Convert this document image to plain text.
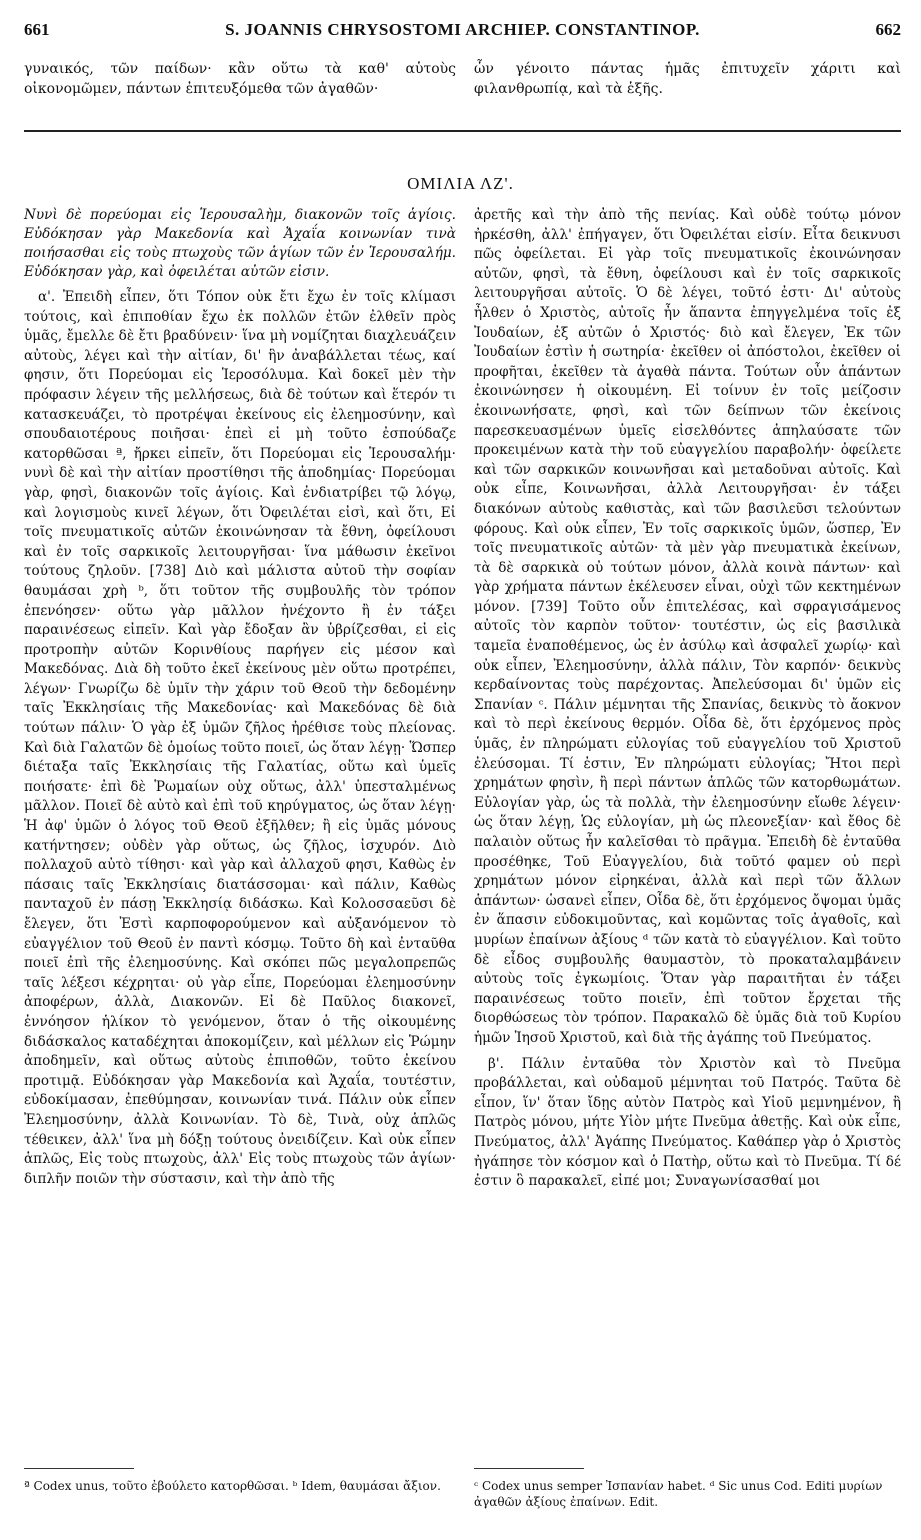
661	S. JOANNIS CHRYSOSTOMI ARCHIEP. CONSTANTINOP.	662
γυναικός, τῶν παίδων· κἂν οὕτω τὰ καθ' αὑτοὺς οἰκονομῶμεν, πάντων ἐπιτευξόμεθα τῶν ἀγαθῶν·
ὧν γένοιτο πάντας ἡμᾶς ἐπιτυχεῖν χάριτι καὶ φιλανθρωπίᾳ, καὶ τὰ ἑξῆς.
ΟΜΙΛΙΑ ΛΖ'.
Νυνὶ δὲ πορεύομαι εἰς Ἱερουσαλὴμ, διακονῶν τοῖς ἁγίοις. Εὐδόκησαν γὰρ Μακεδονία καὶ Ἀχαΐα κοινωνίαν τινὰ ποιήσασθαι εἰς τοὺς πτωχοὺς τῶν ἁγίων τῶν ἐν Ἱερουσαλήμ. Εὐδόκησαν γὰρ, καὶ ὀφειλέται αὐτῶν εἰσιν.
α'. Ἐπειδὴ εἶπεν, ὅτι Τόπον οὐκ ἔτι ἔχω ἐν τοῖς κλίμασι τούτοις, καὶ ἐπιποθίαν ἔχω ἐκ πολλῶν ἐτῶν ἐλθεῖν πρὸς ὑμᾶς, ἔμελλε δὲ ἔτι βραδύνειν· ἵνα μὴ νομίζηται διαχλευάζειν αὐτοὺς, λέγει καὶ τὴν αἰτίαν, δι' ἣν ἀναβάλλεται τέως, καί φησιν, ὅτι Πορεύομαι εἰς Ἱεροσόλυμα. Καὶ δοκεῖ μὲν τὴν πρόφασιν λέγειν τῆς μελλήσεως, διὰ δὲ τούτων καὶ ἕτερόν τι κατασκευάζει, τὸ προτρέψαι ἐκείνους εἰς ἐλεημοσύνην, καὶ σπουδαιοτέρους ποιῆσαι· ἐπεὶ εἰ μὴ τοῦτο ἐσπούδαζε κατορθῶσαι ª, ἤρκει εἰπεῖν, ὅτι Πορεύομαι εἰς Ἱερουσαλήμ· νυνὶ δὲ καὶ τὴν αἰτίαν προστίθησι τῆς ἀποδημίας· Πορεύομαι γὰρ, φησὶ, διακονῶν τοῖς ἁγίοις. Καὶ ἐνδιατρίβει τῷ λόγῳ, καὶ λογισμοὺς κινεῖ λέγων, ὅτι Ὀφειλέται εἰσὶ, καὶ ὅτι, Εἰ τοῖς πνευματικοῖς αὐτῶν ἐκοινώνησαν τὰ ἔθνη, ὀφείλουσι καὶ ἐν τοῖς σαρκικοῖς λειτουργῆσαι· ἵνα μάθωσιν ἐκεῖνοι τούτους ζηλοῦν. [738] Διὸ καὶ μάλιστα αὐτοῦ τὴν σοφίαν θαυμάσαι χρὴ ᵇ, ὅτι τοῦτον τῆς συμβουλῆς τὸν τρόπον ἐπενόησεν· οὕτω γὰρ μᾶλλον ἠνέχοντο ἢ ἐν τάξει παραινέσεως εἰπεῖν. Καὶ γὰρ ἔδοξαν ἂν ὑβρίζεσθαι, εἰ εἰς προτροπὴν αὐτῶν Κορινθίους παρήγεν εἰς μέσον καὶ Μακεδόνας. Διὰ δὴ τοῦτο ἐκεῖ ἐκείνους μὲν οὕτω προτρέπει, λέγων· Γνωρίζω δὲ ὑμῖν τὴν χάριν τοῦ Θεοῦ τὴν δεδομένην ταῖς Ἐκκλησίαις τῆς Μακεδονίας· καὶ Μακεδόνας δὲ διὰ τούτων πάλιν· Ὁ γὰρ ἐξ ὑμῶν ζῆλος ἠρέθισε τοὺς πλείονας. Καὶ διὰ Γαλατῶν δὲ ὁμοίως τοῦτο ποιεῖ, ὡς ὅταν λέγῃ· Ὥσπερ διέταξα ταῖς Ἐκκλησίαις τῆς Γαλατίας, οὕτω καὶ ὑμεῖς ποιήσατε· ἐπὶ δὲ Ῥωμαίων οὐχ οὕτως, ἀλλ' ὑπεσταλμένως μᾶλλον. Ποιεῖ δὲ αὐτὸ καὶ ἐπὶ τοῦ κηρύγματος, ὡς ὅταν λέγῃ· Ἡ ἀφ' ὑμῶν ὁ λόγος τοῦ Θεοῦ ἐξῆλθεν; ἢ εἰς ὑμᾶς μόνους κατήντησεν; οὐδὲν γὰρ οὕτως, ὡς ζῆλος, ἰσχυρόν. Διὸ πολλαχοῦ αὐτὸ τίθησι· καὶ γὰρ καὶ ἀλλαχοῦ φησι, Καθὼς ἐν πάσαις ταῖς Ἐκκλησίαις διατάσσομαι· καὶ πάλιν, Καθὼς πανταχοῦ ἐν πάσῃ Ἐκκλησίᾳ διδάσκω. Καὶ Κολοσσαεῦσι δὲ ἔλεγεν, ὅτι Ἐστὶ καρποφορούμενον καὶ αὐξανόμενον τὸ εὐαγγέλιον τοῦ Θεοῦ ἐν παντὶ κόσμῳ. Τοῦτο δὴ καὶ ἐνταῦθα ποιεῖ ἐπὶ τῆς ἐλεημοσύνης. Καὶ σκόπει πῶς μεγαλοπρεπῶς ταῖς λέξεσι κέχρηται· οὐ γὰρ εἶπε, Πορεύομαι ἐλεημοσύνην ἀποφέρων, ἀλλὰ, Διακονῶν. Εἰ δὲ Παῦλος διακονεῖ, ἐννόησον ἡλίκον τὸ γενόμενον, ὅταν ὁ τῆς οἰκουμένης διδάσκαλος καταδέχηται ἀποκομίζειν, καὶ μέλλων εἰς Ῥώμην ἀποδημεῖν, καὶ οὕτως αὐτοὺς ἐπιποθῶν, τοῦτο ἐκείνου προτιμᾷ. Εὐδόκησαν γὰρ Μακεδονία καὶ Ἀχαΐα, τουτέστιν, εὐδοκίμασαν, ἐπεθύμησαν, κοινωνίαν τινά. Πάλιν οὐκ εἶπεν Ἐλεημοσύνην, ἀλλὰ Κοινωνίαν. Τὸ δὲ, Τινὰ, οὐχ ἁπλῶς τέθεικεν, ἀλλ' ἵνα μὴ δόξῃ τούτους ὀνειδίζειν. Καὶ οὐκ εἶπεν ἁπλῶς, Εἰς τοὺς πτωχοὺς, ἀλλ' Εἰς τοὺς πτωχοὺς τῶν ἁγίων· διπλῆν ποιῶν τὴν σύστασιν, καὶ τὴν ἀπὸ τῆς
ἀρετῆς καὶ τὴν ἀπὸ τῆς πενίας. Καὶ οὐδὲ τούτῳ μόνον ἠρκέσθη, ἀλλ' ἐπήγαγεν, ὅτι Ὀφειλέται εἰσίν. Εἶτα δεικνυσι πῶς ὀφείλεται. Εἰ γὰρ τοῖς πνευματικοῖς ἐκοινώνησαν αὐτῶν, φησὶ, τὰ ἔθνη, ὀφείλουσι καὶ ἐν τοῖς σαρκικοῖς λειτουργῆσαι αὐτοῖς. Ὁ δὲ λέγει, τοῦτό ἐστι· Δι' αὐτοὺς ἦλθεν ὁ Χριστὸς, αὐτοῖς ἦν ἅπαντα ἐπηγγελμένα τοῖς ἐξ Ἰουδαίων, ἐξ αὐτῶν ὁ Χριστός· διὸ καὶ ἔλεγεν, Ἐκ τῶν Ἰουδαίων ἐστὶν ἡ σωτηρία· ἐκεῖθεν οἱ ἀπόστολοι, ἐκεῖθεν οἱ προφῆται, ἐκεῖθεν τὰ ἀγαθὰ πάντα. Τούτων οὖν ἁπάντων ἐκοινώνησεν ἡ οἰκουμένη. Εἰ τοίνυν ἐν τοῖς μείζοσιν ἐκοινωνήσατε, φησὶ, καὶ τῶν δείπνων τῶν ἐκείνοις παρεσκευασμένων ὑμεῖς εἰσελθόντες ἀπηλαύσατε τῶν προκειμένων κατὰ τὴν τοῦ εὐαγγελίου παραβολήν· ὀφείλετε καὶ τῶν σαρκικῶν κοινωνῆσαι καὶ μεταδοῦναι αὐτοῖς. Καὶ οὐκ εἶπε, Κοινωνῆσαι, ἀλλὰ Λειτουργῆσαι· ἐν τάξει διακόνων αὐτοὺς καθιστὰς, καὶ τῶν βασιλεῦσι τελούντων φόρους. Καὶ οὐκ εἶπεν, Ἐν τοῖς σαρκικοῖς ὑμῶν, ὥσπερ, Ἐν τοῖς πνευματικοῖς αὐτῶν· τὰ μὲν γὰρ πνευματικὰ ἐκείνων, τὰ δὲ σαρκικὰ οὐ τούτων μόνον, ἀλλὰ κοινὰ πάντων· καὶ γὰρ χρήματα πάντων ἐκέλευσεν εἶναι, οὐχὶ τῶν κεκτημένων μόνον. [739] Τοῦτο οὖν ἐπιτελέσας, καὶ σφραγισάμενος αὐτοῖς τὸν καρπὸν τοῦτον· τουτέστιν, ὡς εἰς βασιλικὰ ταμεῖα ἐναποθέμενος, ὡς ἐν ἀσύλῳ καὶ ἀσφαλεῖ χωρίῳ· καὶ οὐκ εἶπεν, Ἐλεημοσύνην, ἀλλὰ πάλιν, Τὸν καρπόν· δεικνὺς κερδαίνοντας τοὺς παρέχοντας. Ἀπελεύσομαι δι' ὑμῶν εἰς Σπανίαν ᶜ. Πάλιν μέμνηται τῆς Σπανίας, δεικνὺς τὸ ἄοκνον καὶ τὸ περὶ ἐκείνους θερμόν. Οἶδα δὲ, ὅτι ἐρχόμενος πρὸς ὑμᾶς, ἐν πληρώματι εὐλογίας τοῦ εὐαγγελίου τοῦ Χριστοῦ ἐλεύσομαι. Τί ἐστιν, Ἐν πληρώματι εὐλογίας; Ἤτοι περὶ χρημάτων φησὶν, ἢ περὶ πάντων ἁπλῶς τῶν κατορθωμάτων. Εὐλογίαν γὰρ, ὡς τὰ πολλὰ, τὴν ἐλεημοσύνην εἴωθε λέγειν· ὡς ὅταν λέγῃ, Ὡς εὐλογίαν, μὴ ὡς πλεονεξίαν· καὶ ἔθος δὲ παλαιὸν οὕτως ἦν καλεῖσθαι τὸ πρᾶγμα. Ἐπειδὴ δὲ ἐνταῦθα προσέθηκε, Τοῦ Εὐαγγελίου, διὰ τοῦτό φαμεν οὐ περὶ χρημάτων μόνον εἰρηκέναι, ἀλλὰ καὶ περὶ τῶν ἄλλων ἁπάντων· ὡσανεὶ εἶπεν, Οἶδα δὲ, ὅτι ἐρχόμενος ὄψομαι ὑμᾶς ἐν ἅπασιν εὐδοκιμοῦντας, καὶ κομῶντας τοῖς ἀγαθοῖς, καὶ μυρίων ἐπαίνων ἀξίους ᵈ τῶν κατὰ τὸ εὐαγγέλιον. Καὶ τοῦτο δὲ εἶδος συμβουλῆς θαυμαστὸν, τὸ προκαταλαμβάνειν αὐτοὺς τοῖς ἐγκωμίοις. Ὅταν γὰρ παραιτῆται ἐν τάξει παραινέσεως τοῦτο ποιεῖν, ἐπὶ τοῦτον ἔρχεται τῆς διορθώσεως τὸν τρόπον. Παρακαλῶ δὲ ὑμᾶς διὰ τοῦ Κυρίου ἡμῶν Ἰησοῦ Χριστοῦ, καὶ διὰ τῆς ἀγάπης τοῦ Πνεύματος.
β'. Πάλιν ἐνταῦθα τὸν Χριστὸν καὶ τὸ Πνεῦμα προβάλλεται, καὶ οὐδαμοῦ μέμνηται τοῦ Πατρός. Ταῦτα δὲ εἶπον, ἵν' ὅταν ἴδῃς αὐτὸν Πατρὸς καὶ Υἱοῦ μεμνημένον, ἢ Πατρὸς μόνου, μήτε Υἱὸν μήτε Πνεῦμα ἀθετῇς. Καὶ οὐκ εἶπε, Πνεύματος, ἀλλ' Ἀγάπης Πνεύματος. Καθάπερ γὰρ ὁ Χριστὸς ἠγάπησε τὸν κόσμον καὶ ὁ Πατὴρ, οὕτω καὶ τὸ Πνεῦμα. Τί δέ ἐστιν ὃ παρακαλεῖ, εἰπέ μοι; Συναγωνίσασθαί μοι
ª Codex unus, τοῦτο ἐβούλετο κατορθῶσαι. ᵇ Idem, θαυμάσαι ἄξιον.	ᶜ Codex unus semper Ἰσπανίαν habet. ᵈ Sic unus Cod. Editi μυρίων ἀγαθῶν ἀξίους ἐπαίνων. Edit.
